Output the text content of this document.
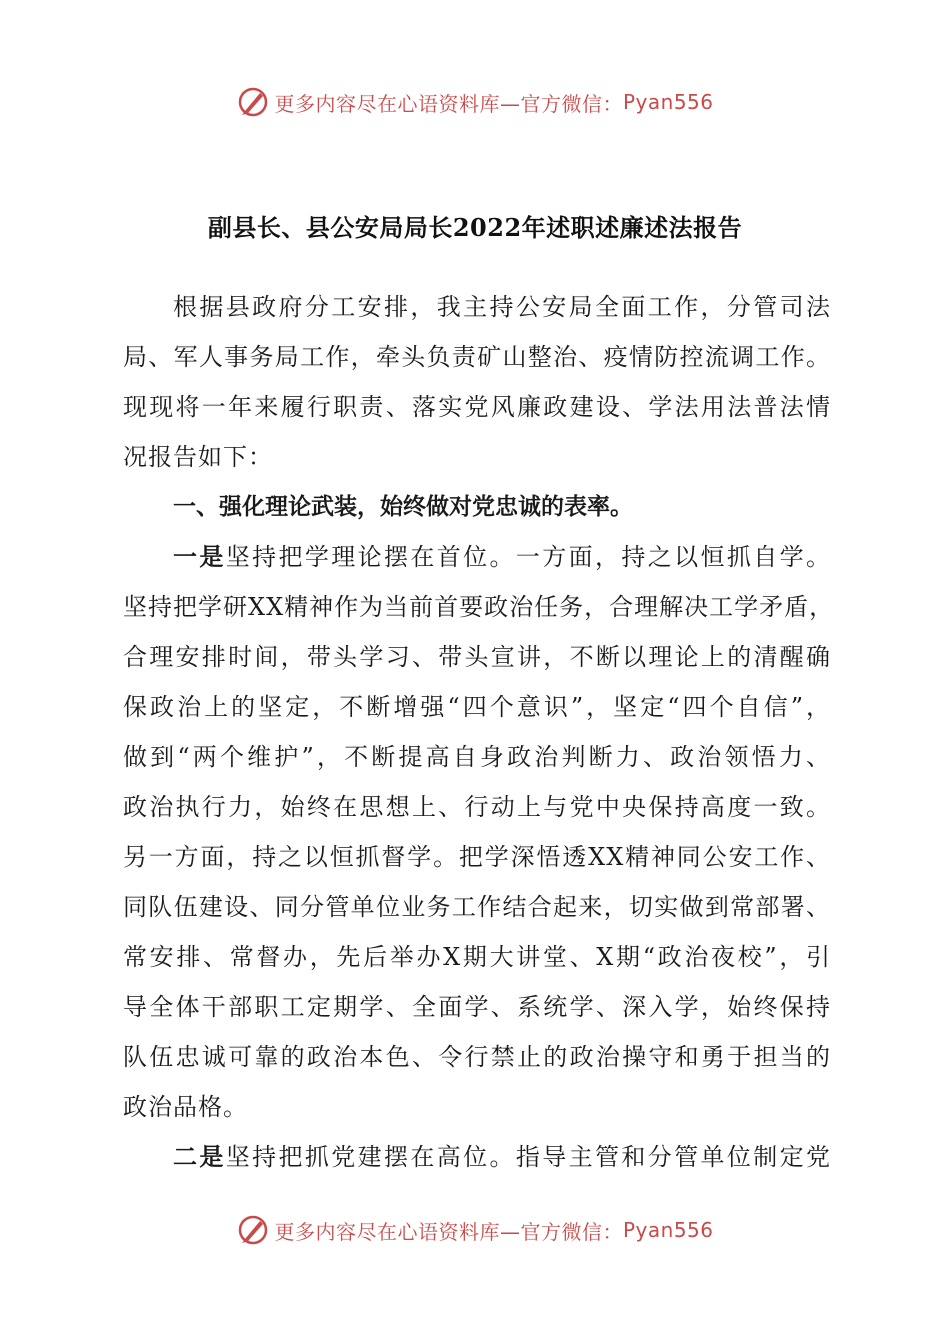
更多内容尽在心语资料库—官方微信： Pyan556
副县长、县公安局局长2022年述职述廉述法报告
根据县政府分工安排，我主持公安局全面工作，分管司法
局、军人事务局工作，牵头负责矿山整治、疫情防控流调工作。
现现将一年来履行职责、落实党风廉政建设、学法用法普法情
况报告如下：
一、强化理论武装，始终做对党忠诚的表率。
一是坚持把学理论摆在首位。一方面，持之以恒抓自学。
坚持把学研XX精神作为当前首要政治任务，合理解决工学矛盾，
合理安排时间，带头学习、带头宣讲，不断以理论上的清醒确
保政治上的坚定，不断增强“四个意识”，坚定“四个自信”，
做到“两个维护”，不断提高自身政治判断力、政治领悟力、
政治执行力，始终在思想上、行动上与党中央保持高度一致。
另一方面，持之以恒抓督学。把学深悟透XX精神同公安工作、
同队伍建设、同分管单位业务工作结合起来，切实做到常部署、
常安排、常督办，先后举办X期大讲堂、X期“政治夜校”，引
导全体干部职工定期学、全面学、系统学、深入学，始终保持
队伍忠诚可靠的政治本色、令行禁止的政治操守和勇于担当的
政治品格。
二是坚持把抓党建摆在高位。指导主管和分管单位制定党
更多内容尽在心语资料库—官方微信： Pyan556
